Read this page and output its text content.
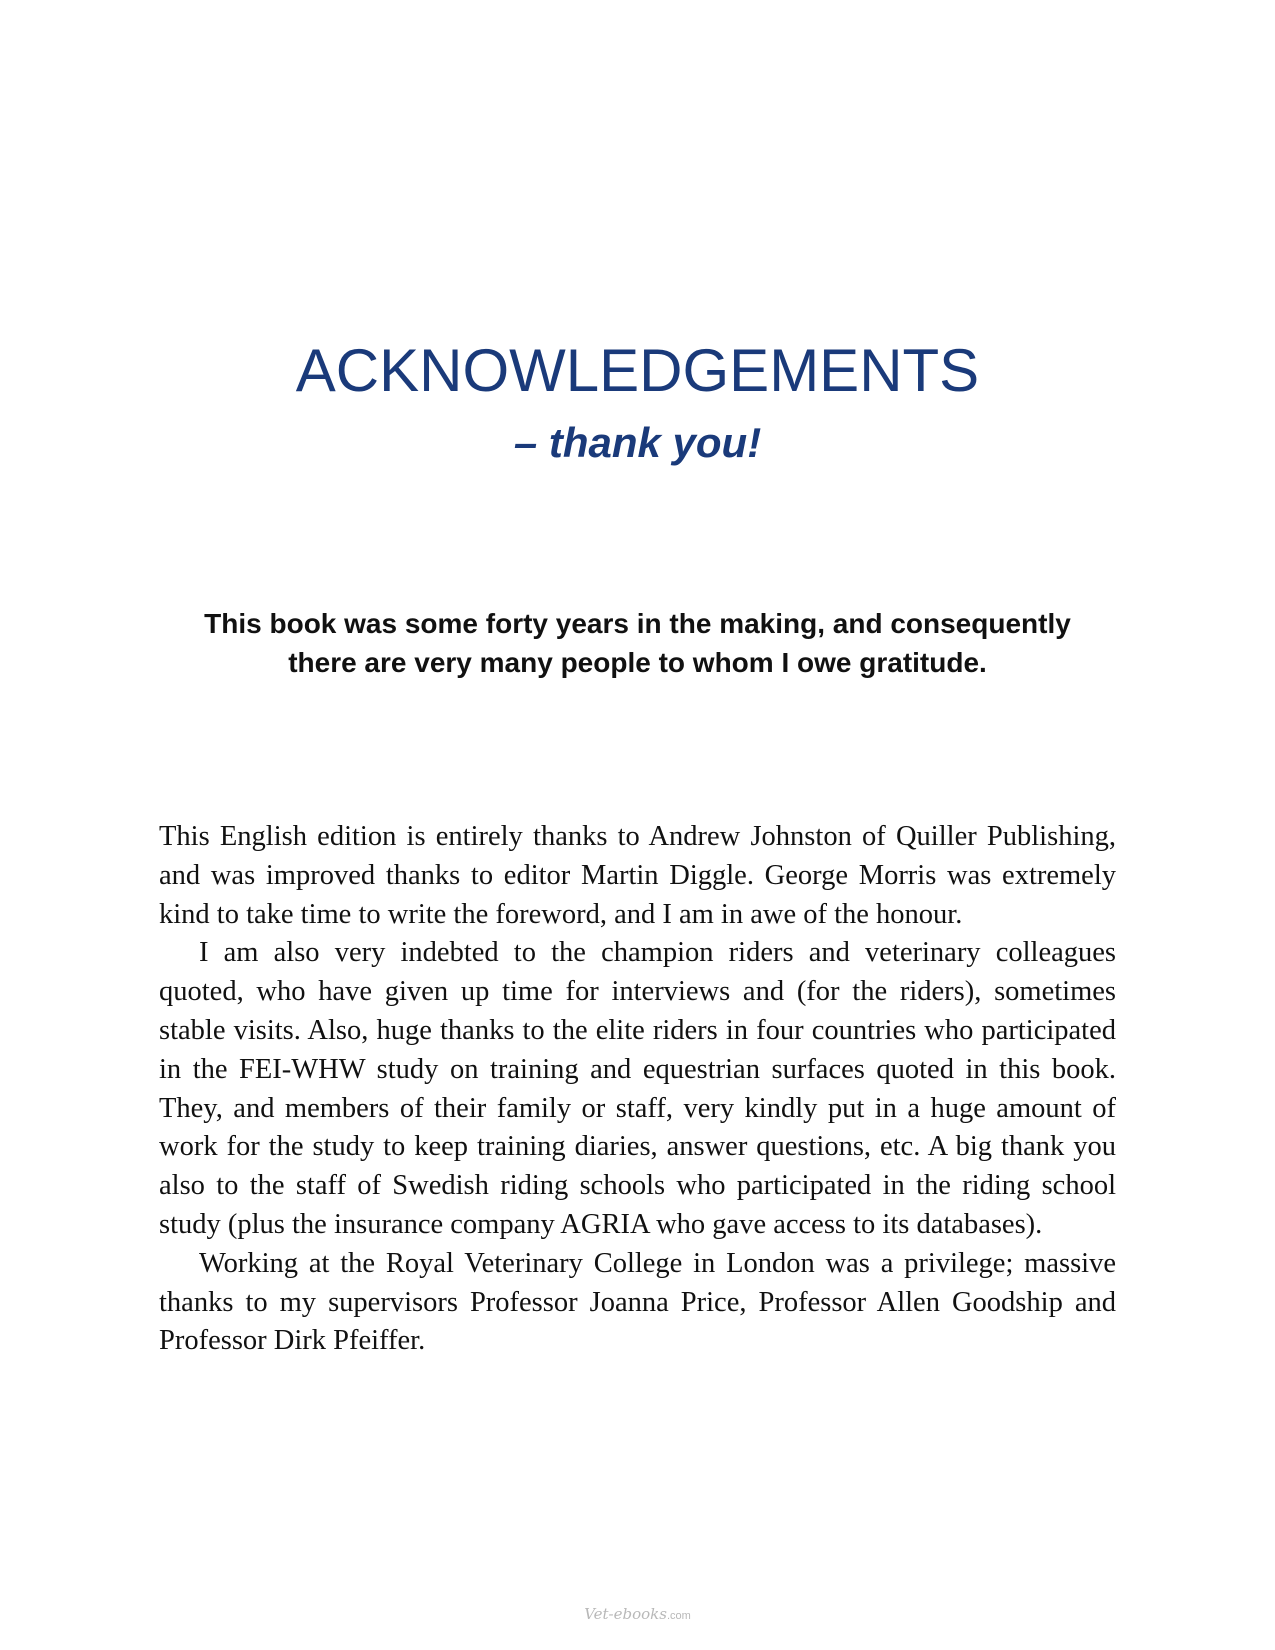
ACKNOWLEDGEMENTS
– thank you!

This book was some forty years in the making, and consequently there are very many people to whom I owe gratitude.

This English edition is entirely thanks to Andrew Johnston of Quiller Publishing, and was improved thanks to editor Martin Diggle. George Morris was extremely kind to take time to write the foreword, and I am in awe of the honour.

I am also very indebted to the champion riders and veterinary colleagues quoted, who have given up time for interviews and (for the riders), sometimes stable visits. Also, huge thanks to the elite riders in four countries who participated in the FEI-WHW study on training and equestrian surfaces quoted in this book. They, and members of their family or staff, very kindly put in a huge amount of work for the study to keep training diaries, answer questions, etc. A big thank you also to the staff of Swedish riding schools who participated in the riding school study (plus the insurance company AGRIA who gave access to its databases).

Working at the Royal Veterinary College in London was a privilege; massive thanks to my supervisors Professor Joanna Price, Professor Allen Goodship and Professor Dirk Pfeiffer.

Vet-ebooks.com
